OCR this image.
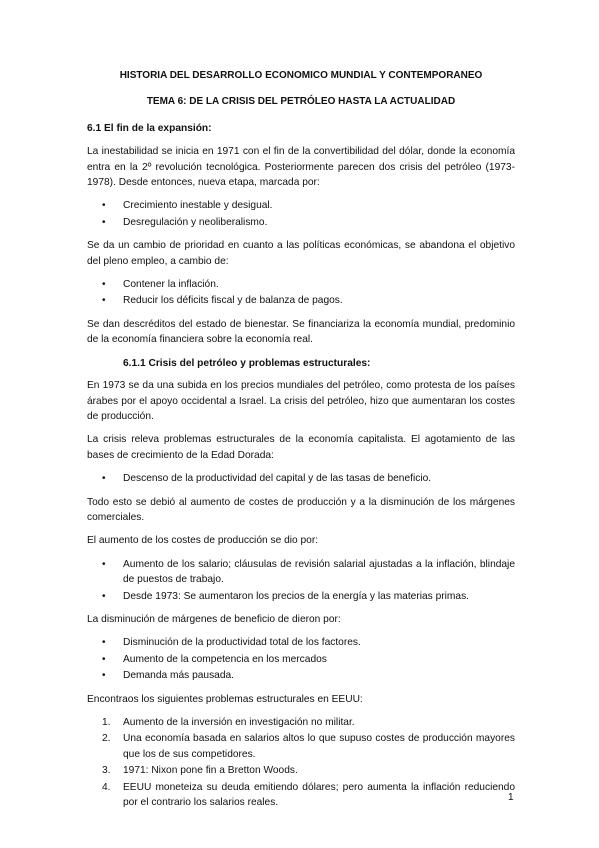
HISTORIA DEL DESARROLLO ECONOMICO MUNDIAL Y CONTEMPORANEO
TEMA 6: DE LA CRISIS DEL PETRÓLEO HASTA LA ACTUALIDAD
6.1 El fin de la expansión:

La inestabilidad se inicia en 1971 con el fin de la convertibilidad del dólar, donde la economía entra en la 2º revolución tecnológica. Posteriormente parecen dos crisis del petróleo (1973-1978). Desde entonces, nueva etapa, marcada por:

• Crecimiento inestable y desigual.
• Desregulación y neoliberalismo.

Se da un cambio de prioridad en cuanto a las políticas económicas, se abandona el objetivo del pleno empleo, a cambio de:

• Contener la inflación.
• Reducir los déficits fiscal y de balanza de pagos.

Se dan descréditos del estado de bienestar. Se financiariza la economía mundial, predominio de la economía financiera sobre la economía real.

6.1.1 Crisis del petróleo y problemas estructurales:

En 1973 se da una subida en los precios mundiales del petróleo, como protesta de los países árabes por el apoyo occidental a Israel. La crisis del petróleo, hizo que aumentaran los costes de producción.

La crisis releva problemas estructurales de la economía capitalista. El agotamiento de las bases de crecimiento de la Edad Dorada:

• Descenso de la productividad del capital y de las tasas de beneficio.

Todo esto se debió al aumento de costes de producción y a la disminución de los márgenes comerciales.

El aumento de los costes de producción se dio por:

• Aumento de los salario; cláusulas de revisión salarial ajustadas a la inflación, blindaje de puestos de trabajo.
• Desde 1973: Se aumentaron los precios de la energía y las materias primas.

La disminución de márgenes de beneficio de dieron por:

• Disminución de la productividad total de los factores.
• Aumento de la competencia en los mercados
• Demanda más pausada.

Encontraos los siguientes problemas estructurales en EEUU:

1. Aumento de la inversión en investigación no militar.
2. Una economía basada en salarios altos lo que supuso costes de producción mayores que los de sus competidores.
3. 1971: Nixon pone fin a Bretton Woods.
4. EEUU moneteiza su deuda emitiendo dólares; pero aumenta la inflación reduciendo por el contrario los salarios reales.	1
